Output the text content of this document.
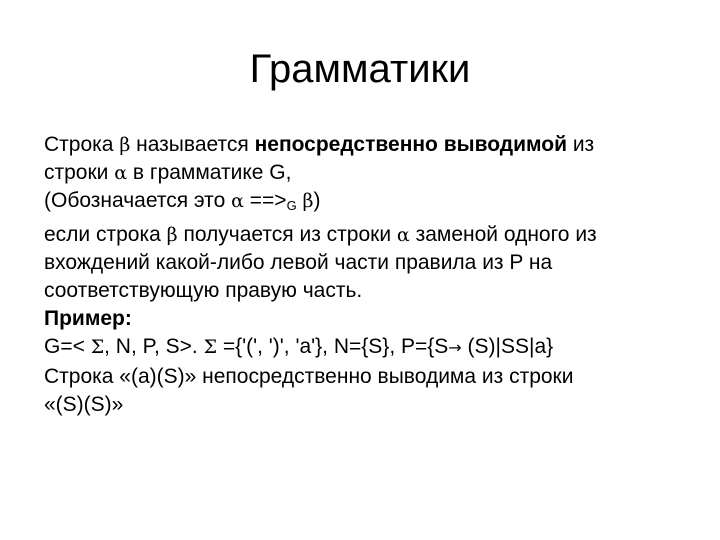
Грамматики
Строка β называется непосредственно выводимой из
строки α в грамматике G,
(Обозначается это $\alpha ==>_G$ β)
если строка β получается из строки α заменой одного из
вхождений какой-либо левой части правила из P на
соответствующую правую часть.
Пример:
G=< Σ, N, P, S>. Σ ={'(', ')', 'a'}, N={S}, P={S→ (S)|SS|a}
Строка «(a)(S)» непосредственно выводима из строки
«(S)(S)»
